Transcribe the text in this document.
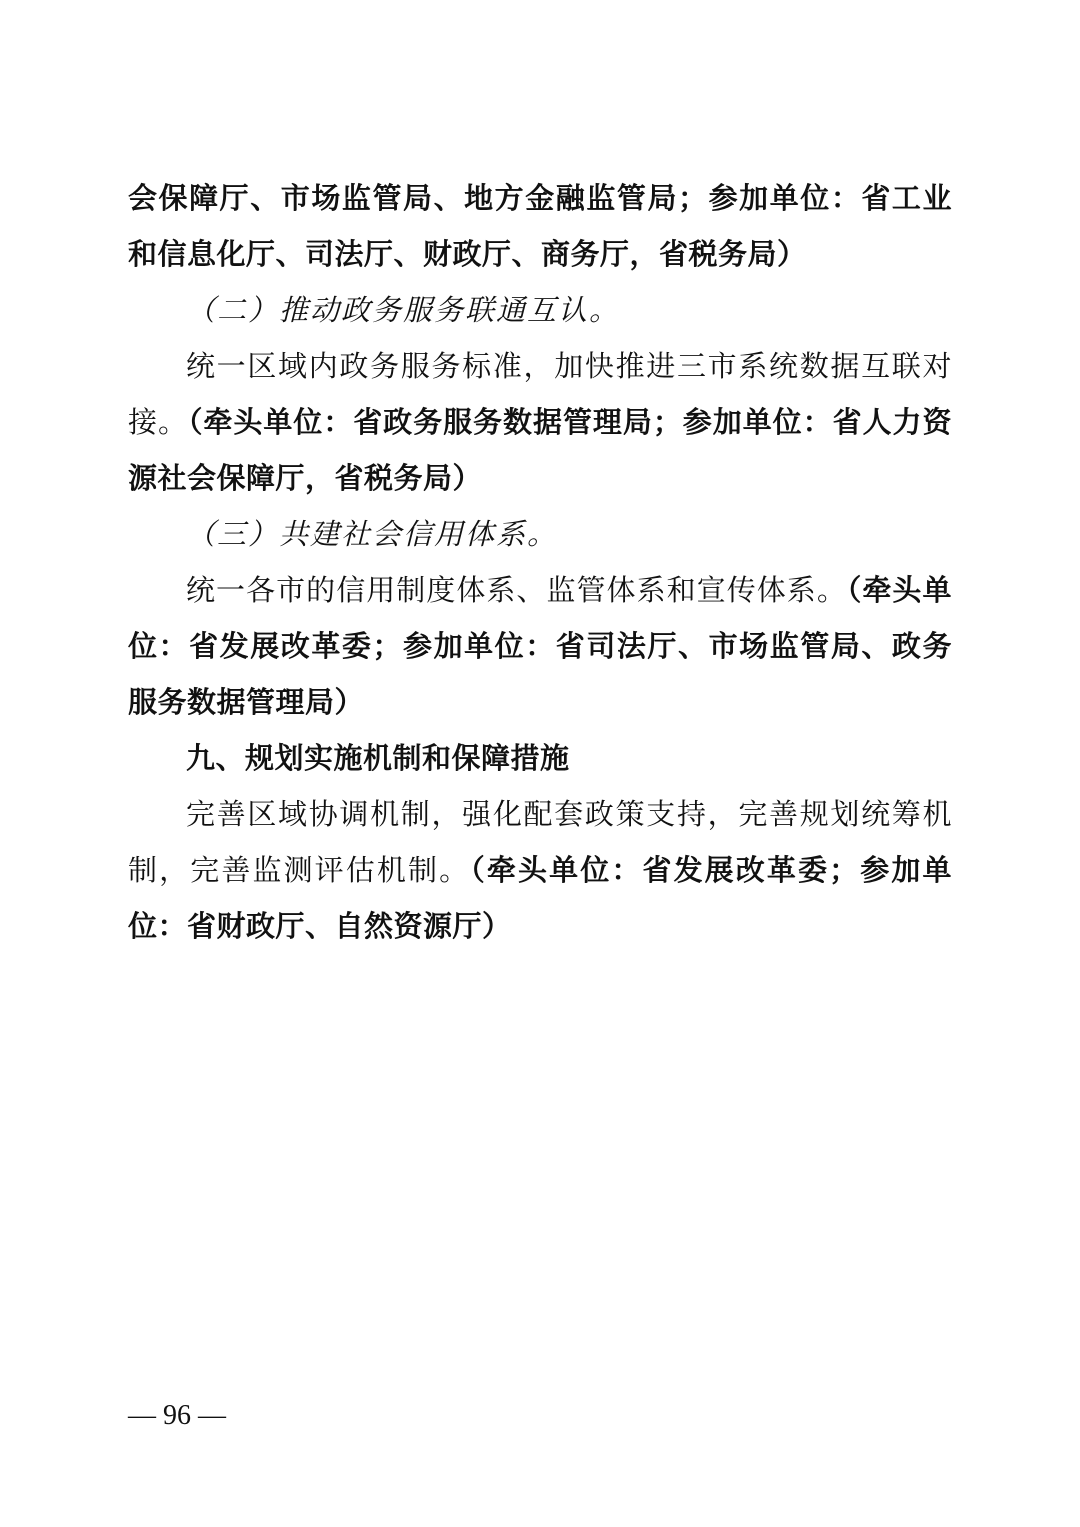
会保障厅、市场监管局、地方金融监管局；参加单位：省工业和信息化厅、司法厅、财政厅、商务厅，省税务局）

（二）推动政务服务联通互认。

统一区域内政务服务标准，加快推进三市系统数据互联对接。（牵头单位：省政务服务数据管理局；参加单位：省人力资源社会保障厅，省税务局）

（三）共建社会信用体系。

统一各市的信用制度体系、监管体系和宣传体系。（牵头单位：省发展改革委；参加单位：省司法厅、市场监管局、政务服务数据管理局）

九、规划实施机制和保障措施

完善区域协调机制，强化配套政策支持，完善规划统筹机制，完善监测评估机制。（牵头单位：省发展改革委；参加单位：省财政厅、自然资源厅）

— 96 —
